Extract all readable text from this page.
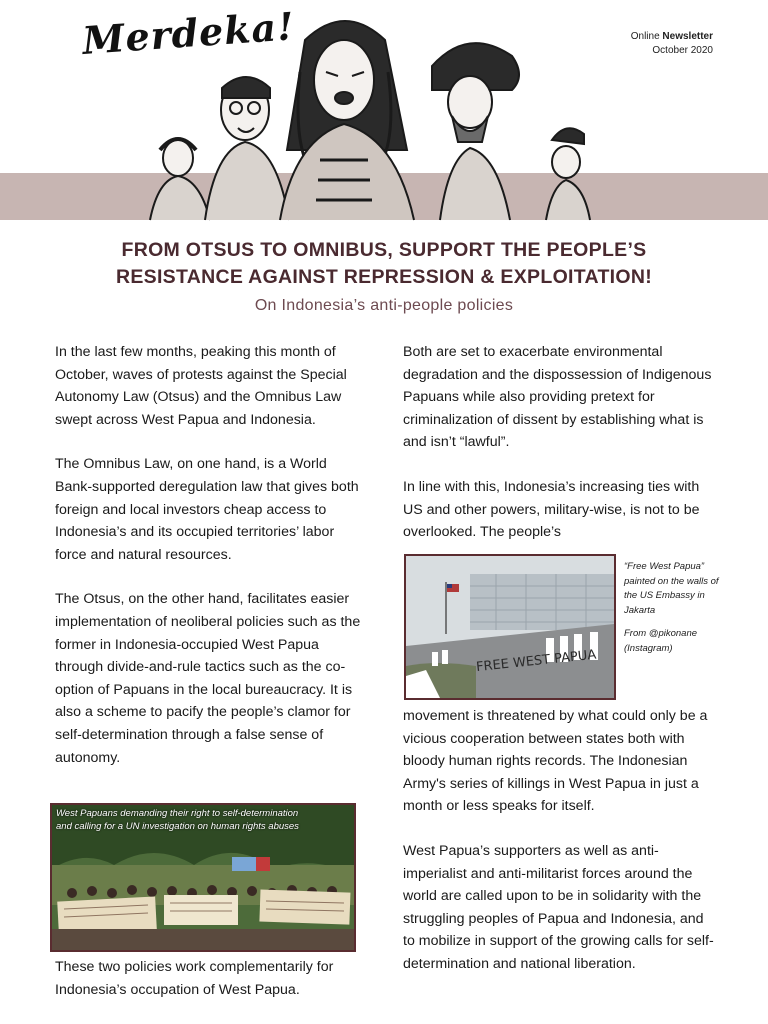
Merdeka!	Online Newsletter
October 2020
FROM OTSUS TO OMNIBUS, SUPPORT THE PEOPLE’S
RESISTANCE AGAINST REPRESSION & EXPLOITATION!
On Indonesia’s anti-people policies

In the last few months, peaking this month of October, waves of protests against the Special Autonomy Law (Otsus) and the Omnibus Law swept across West Papua and Indonesia.

The Omnibus Law, on one hand, is a World Bank-supported deregulation law that gives both foreign and local investors cheap access to Indonesia’s and its occupied territories’ labor force and natural resources.

The Otsus, on the other hand, facilitates easier implementation of neoliberal policies such as the former in Indonesia-occupied West Papua through divide-and-rule tactics such as the co-option of Papuans in the local bureaucracy. It is also a scheme to pacify the people’s clamor for self-determination through a false sense of autonomy.

West Papuans demanding their right to self-determination and calling for a UN investigation on human rights abuses

These two policies work complementarily for Indonesia’s occupation of West Papua.

Both are set to exacerbate environmental degradation and the dispossession of Indigenous Papuans while also providing pretext for criminalization of dissent by establishing what is and isn’t “lawful”.

In line with this, Indonesia’s increasing ties with US and other powers, military-wise, is not to be overlooked. The people’s

FREE WEST PAPUA

“Free West Papua” painted on the walls of the US Embassy in Jakarta

From @pikonane (Instagram)

movement is threatened by what could only be a vicious cooperation between states both with bloody human rights records. The Indonesian Army's series of killings in West Papua in just a month or less speaks for itself.

West Papua’s supporters as well as anti-imperialist and anti-militarist forces around the world are called upon to be in solidarity with the struggling peoples of Papua and Indonesia, and to mobilize in support of the growing calls for self-determination and national liberation.
